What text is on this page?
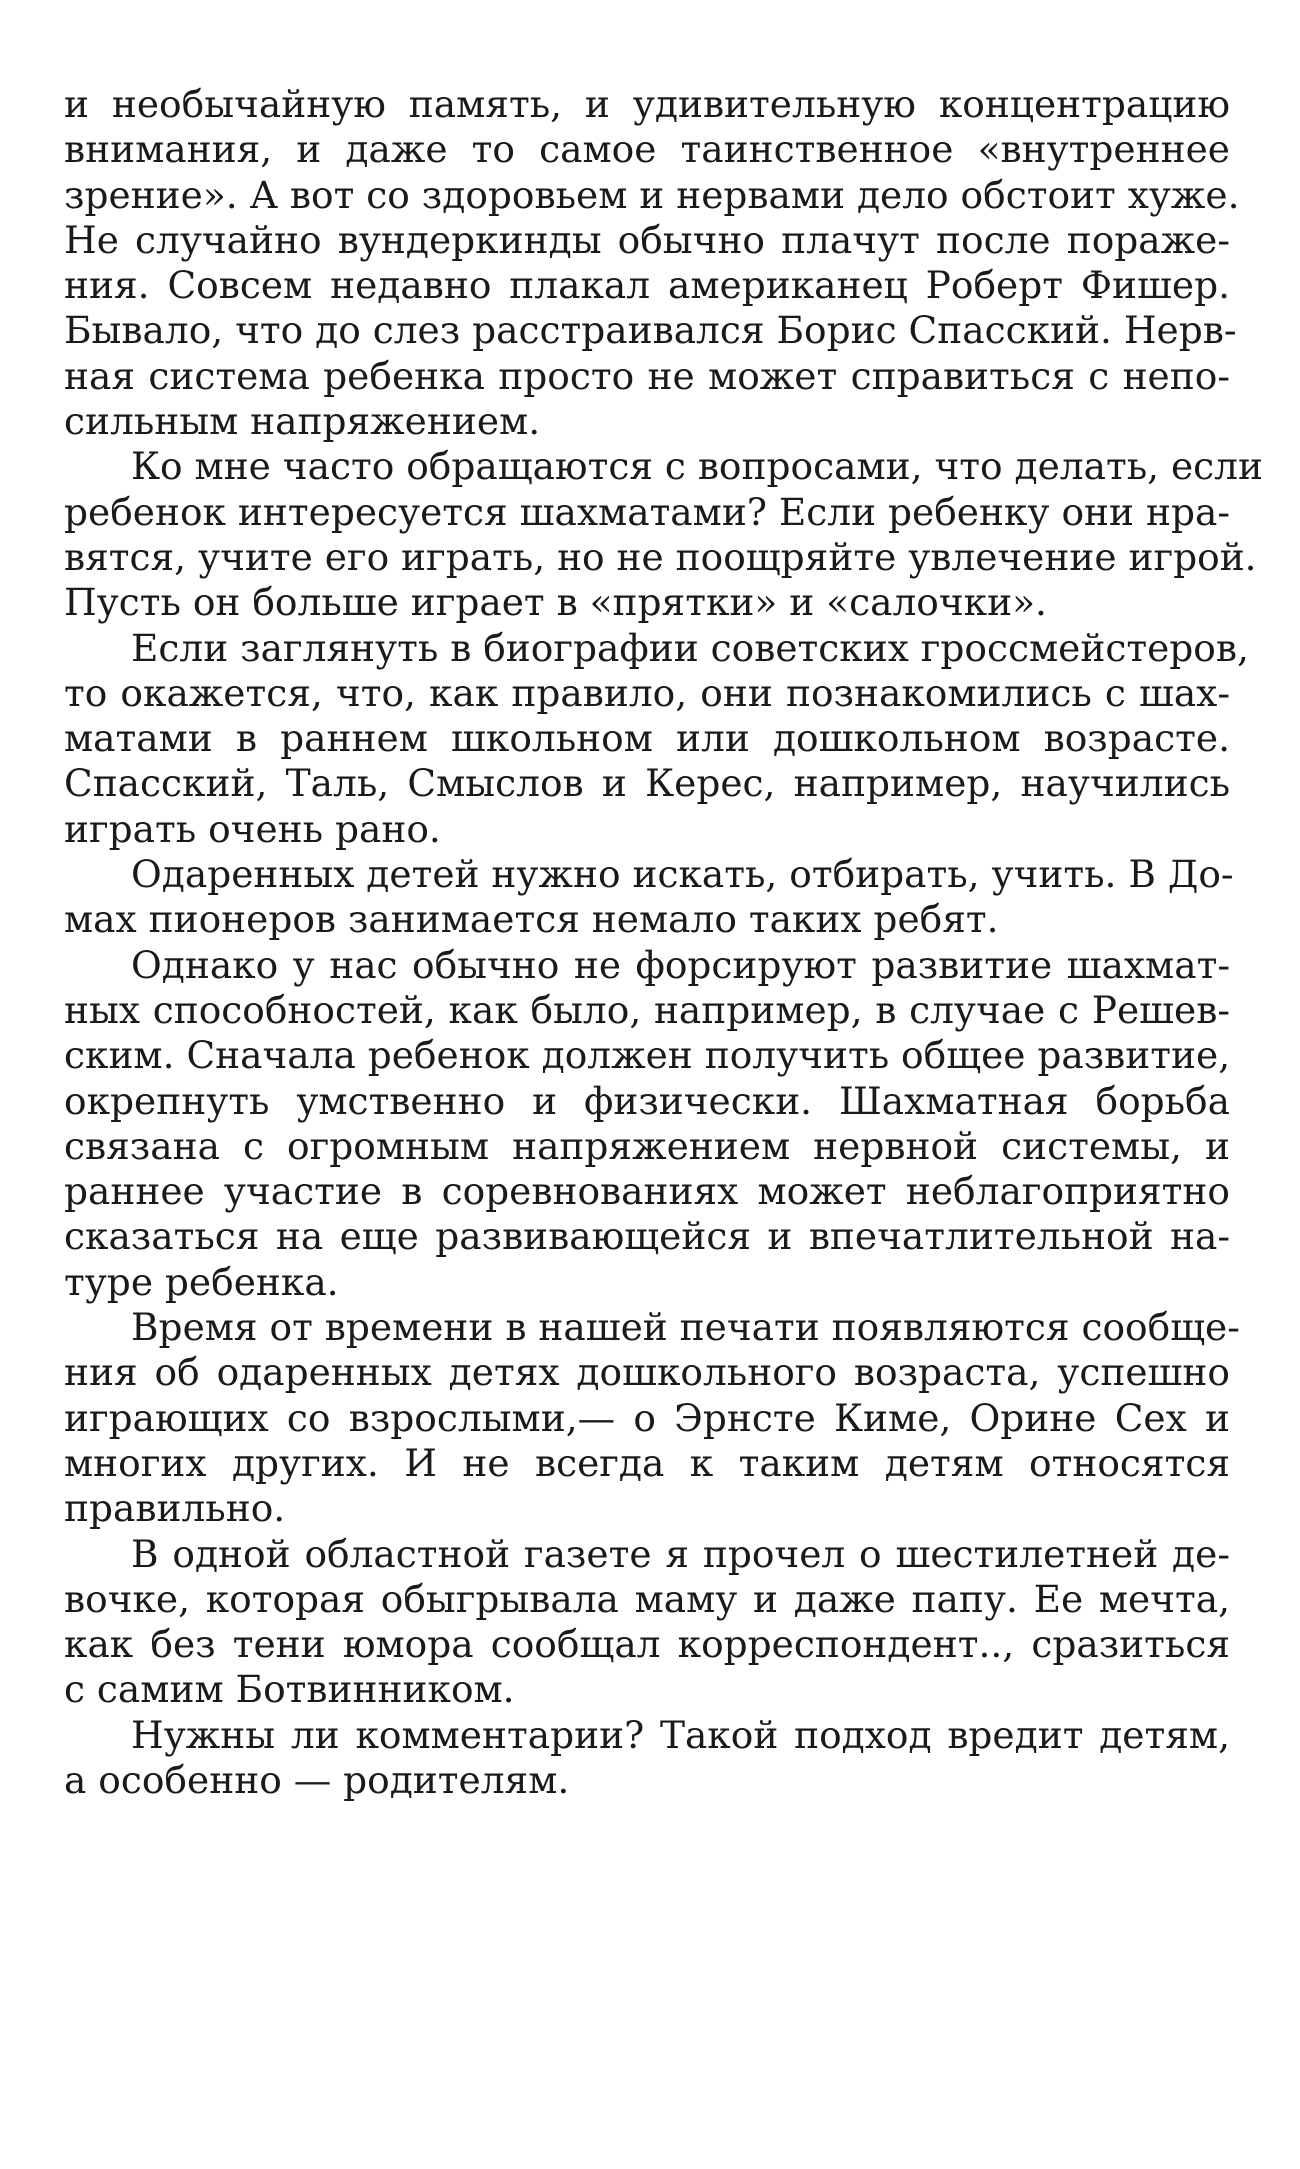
и необычайную память, и удивительную концентрацию
внимания, и даже то самое таинственное «внутреннее
зрение». А вот со здоровьем и нервами дело обстоит хуже.
Не случайно вундеркинды обычно плачут после пораже-
ния. Совсем недавно плакал американец Роберт Фишер.
Бывало, что до слез расстраивался Борис Спасский. Нерв-
ная система ребенка просто не может справиться с непо-
сильным напряжением.
Ко мне часто обращаются с вопросами, что делать, если
ребенок интересуется шахматами? Если ребенку они нра-
вятся, учите его играть, но не поощряйте увлечение игрой.
Пусть он больше играет в «прятки» и «салочки».
Если заглянуть в биографии советских гроссмейстеров,
то окажется, что, как правило, они познакомились с шах-
матами в раннем школьном или дошкольном возрасте.
Спасский, Таль, Смыслов и Керес, например, научились
играть очень рано.
Одаренных детей нужно искать, отбирать, учить. В До-
мах пионеров занимается немало таких ребят.
Однако у нас обычно не форсируют развитие шахмат-
ных способностей, как было, например, в случае с Решев-
ским. Сначала ребенок должен получить общее развитие,
окрепнуть умственно и физически. Шахматная борьба
связана с огромным напряжением нервной системы, и
раннее участие в соревнованиях может неблагоприятно
сказаться на еще развивающейся и впечатлительной на-
туре ребенка.
Время от времени в нашей печати появляются сообще-
ния об одаренных детях дошкольного возраста, успешно
играющих со взрослыми,— о Эрнсте Киме, Орине Сех и
многих других. И не всегда к таким детям относятся
правильно.
В одной областной газете я прочел о шестилетней де-
вочке, которая обыгрывала маму и даже папу. Ее мечта,
как без тени юмора сообщал корреспондент.., сразиться
с самим Ботвинником.
Нужны ли комментарии? Такой подход вредит детям,
а особенно — родителям.
